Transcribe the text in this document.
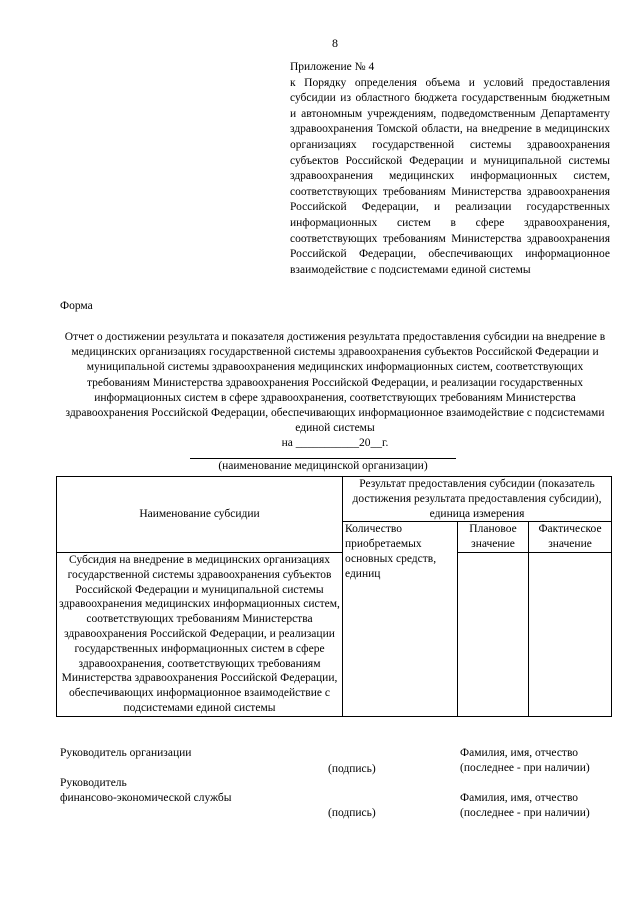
8
Приложение № 4
к Порядку определения объема и условий предоставления субсидии из областного бюджета государственным бюджетным и автономным учреждениям, подведомственным Департаменту здравоохранения Томской области, на внедрение в медицинских организациях государственной системы здравоохранения субъектов Российской Федерации и муниципальной системы здравоохранения медицинских информационных систем, соответствующих требованиям Министерства здравоохранения Российской Федерации, и реализации государственных информационных систем в сфере здравоохранения, соответствующих требованиям Министерства здравоохранения Российской Федерации, обеспечивающих информационное взаимодействие с подсистемами единой системы
Форма
Отчет о достижении результата и показателя достижения результата предоставления субсидии на внедрение в медицинских организациях государственной системы здравоохранения субъектов Российской Федерации и муниципальной системы здравоохранения медицинских информационных систем, соответствующих требованиям Министерства здравоохранения Российской Федерации, и реализации государственных информационных систем в сфере здравоохранения, соответствующих требованиям Министерства здравоохранения Российской Федерации, обеспечивающих информационное взаимодействие с подсистемами единой системы
на ___________20__г.
(наименование медицинской организации)
Наименование субсидии	Результат предоставления субсидии (показатель достижения результата предоставления субсидии), единица измерения		
	Количество приобретаемых основных средств, единиц	Плановое значение	Фактическое значение
Субсидия на внедрение в медицинских организациях государственной системы здравоохранения субъектов Российской Федерации и муниципальной системы здравоохранения медицинских информационных систем, соответствующих требованиям Министерства здравоохранения Российской Федерации, и реализации государственных информационных систем в сфере здравоохранения, соответствующих требованиям Министерства здравоохранения Российской Федерации, обеспечивающих информационное взаимодействие с подсистемами единой системы			
Руководитель организации
(подпись)
Фамилия, имя, отчество
(последнее - при наличии)
Руководитель
финансово-экономической службы
(подпись)
Фамилия, имя, отчество
(последнее - при наличии)
